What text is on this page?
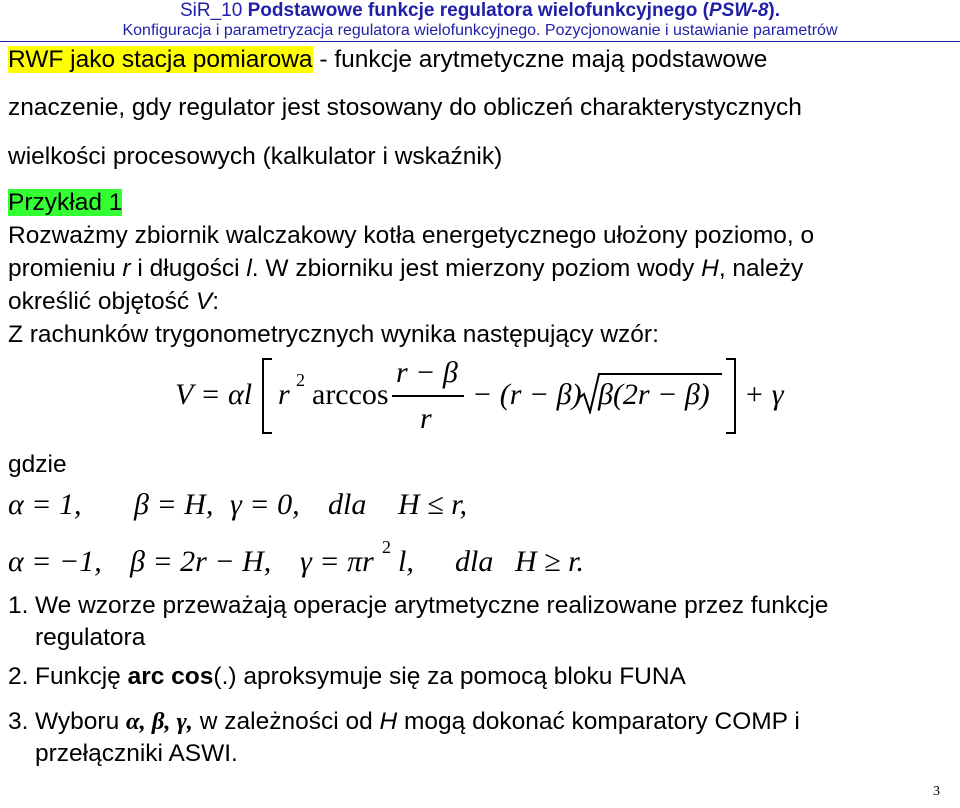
SiR_10 Podstawowe funkcje regulatora wielofunkcyjnego (PSW-8).
Konfiguracja i parametryzacja regulatora wielofunkcyjnego. Pozycjonowanie i ustawianie parametrów
RWF jako stacja pomiarowa - funkcje arytmetyczne mają podstawowe
znaczenie, gdy regulator jest stosowany do obliczeń charakterystycznych
wielkości procesowych (kalkulator i wskaźnik)
Przykład 1
Rozważmy zbiornik walczakowy kotła energetycznego ułożony poziomo, o
promieniu r i długości l. W zbiorniku jest mierzony poziom wody H, należy
określić objętość V:
Z rachunków trygonometrycznych wynika następujący wzór:
V = αl r 2 arccos
r − β
r
− (r − β) β(2r − β) + γ
gdzie
α = 1, β = H, γ = 0, dla H ≤ r,
α = −1, β = 2r − H, γ = πr 2 l, dla H ≥ r.
1. We wzorze przeważają operacje arytmetyczne realizowane przez funkcje
regulatora
2. Funkcję arc cos(.) aproksymuje się za pomocą bloku FUNA
3. Wyboru α, β, γ, w zależności od H mogą dokonać komparatory COMP i
przełączniki ASWI.
3
